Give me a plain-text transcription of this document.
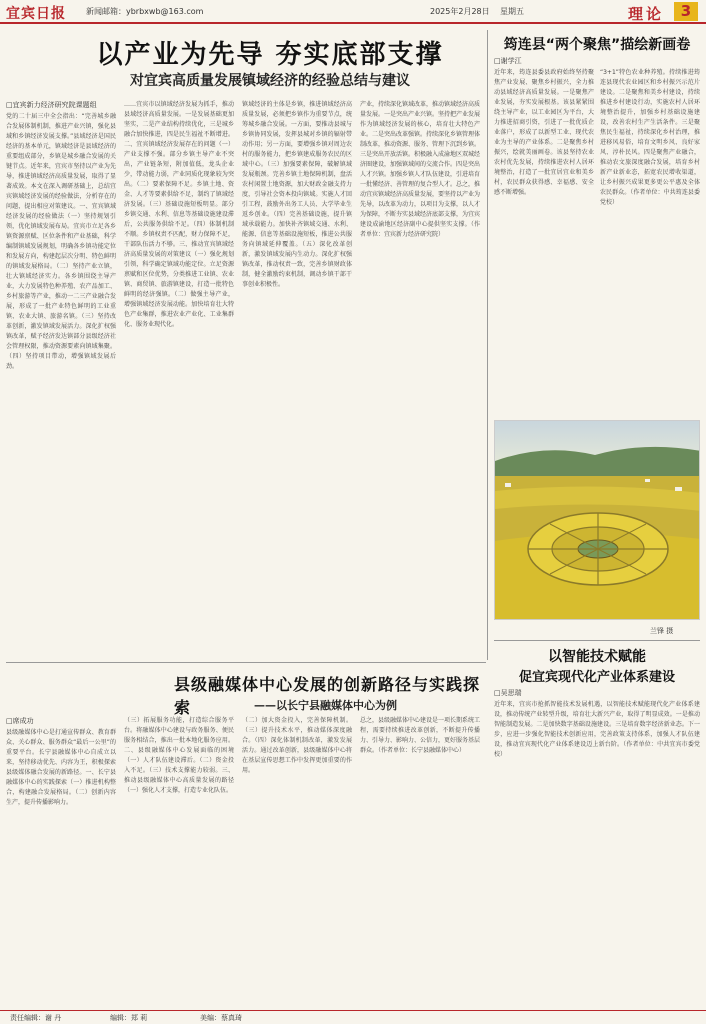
宜宾日报	新闻邮箱：ybrbxwb@163.com	2025年2月28日 星期五	理论	3
以产业为先导 夯实底部支撑
对宜宾高质量发展镇域经济的经验总结与建议
□宜宾新力经济研究院课题组
党的二十届三中全会指出：“完善城乡融合发展体制机制，推进产业兴镇，强化县域和乡镇经济发展支撑。”县域经济是国民经济的基本单元，镇域经济是县域经济的重要组成部分，乡镇是城乡融合发展的关键节点。近年来，宜宾市坚持以产业为先导，推进镇域经济高质量发展，取得了显著成效。本文在深入调研基础上，总结宜宾镇域经济发展的经验做法，分析存在的问题，提出相应对策建议。一、宜宾镇域经济发展的经验做法（一）坚持规划引领，优化镇域发展布局。宜宾市立足各乡镇资源禀赋、区位条件和产业基础，科学编制镇域发展规划，明确各乡镇功能定位和发展方向，构建起层次分明、特色鲜明的镇域发展格局。（二）坚持产业立镇，壮大镇域经济实力。各乡镇围绕主导产业，大力发展特色种养殖、农产品加工、乡村旅游等产业，推动一二三产业融合发展，形成了一批产业特色鲜明的工业重镇、农业大镇、旅游名镇。（三）坚持改革创新，激发镇域发展活力。深化扩权强镇改革，赋予经济发达镇部分县级经济社会管理权限，推动资源要素向镇域集聚。（四）坚持项目带动，增强镇域发展后劲。
……宜宾市以镇域经济发展为抓手，推动县域经济高质量发展。一是发展基础更加坚实，二是产业结构持续优化，三是城乡融合加快推进，四是民生福祉不断增进。二、宜宾镇域经济发展存在的问题（一）产业支撑不强。部分乡镇主导产业不突出，产业链条短，附加值低，龙头企业少，带动能力弱，产业同质化现象较为突出。（二）要素保障不足。乡镇土地、资金、人才等要素供给不足，制约了镇域经济发展。（三）基础设施短板明显。部分乡镇交通、水利、信息等基础设施建设滞后，公共服务供给不足。（四）体制机制不顺。乡镇权责不匹配，财力保障不足，干部队伍活力不够。三、推动宜宾镇域经济高质量发展的对策建议（一）强化规划引领，科学确定镇域功能定位。立足资源禀赋和区位优势，分类推进工业镇、农业镇、商贸镇、旅游镇建设，打造一批特色鲜明的经济强镇。（二）做强主导产业，增强镇域经济发展动能。加快培育壮大特色产业集群，推进农业产业化、工业集群化、服务业现代化。
镇域经济的主体是乡镇，推进镇域经济高质量发展，必须把乡镇作为重要节点，统筹城乡融合发展。一方面，要推动县城与乡镇协同发展，发挥县城对乡镇的辐射带动作用；另一方面，要增强乡镇对周边农村的服务能力，把乡镇建成服务农民的区域中心。（三）加强要素保障，破解镇域发展瓶颈。完善乡镇土地保障机制，盘活农村闲置土地资源，加大财政金融支持力度，引导社会资本投向镇域。实施人才回引工程，鼓励外出务工人员、大学毕业生返乡创业。（四）完善基础设施，提升镇域承载能力。加快补齐镇域交通、水利、能源、信息等基础设施短板，推进公共服务向镇域延伸覆盖。（五）深化改革创新，激发镇域发展内生动力。深化扩权强镇改革，推动权责一致，完善乡镇财政体制，健全激励约束机制，调动乡镇干部干事创业积极性。
产业，持续深化镇域改革，推动镇域经济高质量发展。一是突出产业兴镇。坚持把产业发展作为镇域经济发展的核心，培育壮大特色产业。二是突出改革强镇。持续深化乡镇管理体制改革，推动资源、服务、管理下沉到乡镇。三是突出开放活镇。积极融入成渝地区双城经济圈建设，加强镇域间的交流合作。四是突出人才兴镇。加强乡镇人才队伍建设，引进培育一批懂经济、善管理的复合型人才。总之，推动宜宾镇域经济高质量发展，要坚持以产业为先导，以改革为动力，以项目为支撑，以人才为保障，不断夯实县域经济底部支撑，为宜宾建设成渝地区经济副中心提供坚实支撑。（作者单位：宜宾新力经济研究院）
筠连县“两个聚焦”描绘新画卷
□谢学江
近年来，筠连县委县政府始终坚持聚焦产业发展、聚焦乡村振兴，全力推动县域经济高质量发展。一是聚焦产业发展，夯实发展根基。该县紧紧围绕主导产业，以工业园区为平台，大力推进招商引资，引进了一批优质企业落户，形成了以新型工业、现代农业为主导的产业体系。二是聚焦乡村振兴，绘就美丽画卷。该县坚持农业农村优先发展，持续推进农村人居环境整治，打造了一批宜居宜业和美乡村，农民群众获得感、幸福感、安全感不断增强。
“3+1”特色农业种养殖。持续推进筠连县现代农业园区和乡村振兴示范片建设。二是聚焦和美乡村建设，持续推进乡村建设行动，实施农村人居环境整治提升，加强乡村基础设施建设，改善农村生产生活条件。三是聚焦民生福祉，持续深化乡村治理，推进移风易俗，培育文明乡风、良好家风、淳朴民风。四是聚焦产业融合，推动农文旅深度融合发展，培育乡村新产业新业态，拓宽农民增收渠道，让乡村振兴成果更多更公平惠及全体农民群众。（作者单位：中共筠连县委党校）
兰锋 摄
以智能技术赋能
促宜宾现代化产业体系建设
□吴思瑞
近年来，宜宾市抢抓智能技术发展机遇，以智能技术赋能现代化产业体系建设，推动传统产业转型升级，培育壮大新兴产业，取得了明显成效。一是推动智能制造发展。二是加快数字基础设施建设。三是培育数字经济新业态。下一步，应进一步强化智能技术创新应用，完善政策支持体系，加强人才队伍建设，推动宜宾现代化产业体系建设迈上新台阶。（作者单位：中共宜宾市委党校）
县级融媒体中心发展的创新路径与实践探索	——以长宁县融媒体中心为例
□席成功
县级融媒体中心是打通宣传群众、教育群众、关心群众、服务群众“最后一公里”的重要平台。长宁县融媒体中心自成立以来，坚持移动优先、内容为王，积极探索县级媒体融合发展的新路径。一、长宁县融媒体中心的实践探索（一）推进机构整合，构建融合发展格局。（二）创新内容生产，提升传播影响力。
（三）拓展服务功能，打造综合服务平台。将融媒体中心建设与政务服务、便民服务相结合，推出一批本地化服务应用。二、县级融媒体中心发展面临的困境（一）人才队伍建设滞后。（二）资金投入不足。（三）技术支撑能力较弱。三、推动县级融媒体中心高质量发展的路径（一）强化人才支撑，打造专业化队伍。
（二）加大资金投入，完善保障机制。（三）提升技术水平，推动媒体深度融合。（四）深化体制机制改革，激发发展活力。通过改革创新，县级融媒体中心将在基层宣传思想工作中发挥更加重要的作用。
总之，县级融媒体中心建设是一项长期系统工程，需要持续推进改革创新，不断提升传播力、引导力、影响力、公信力，更好服务基层群众。（作者单位：长宁县融媒体中心）
责任编辑：谢 丹	编辑：郑 莉	美编：蔡真琦
